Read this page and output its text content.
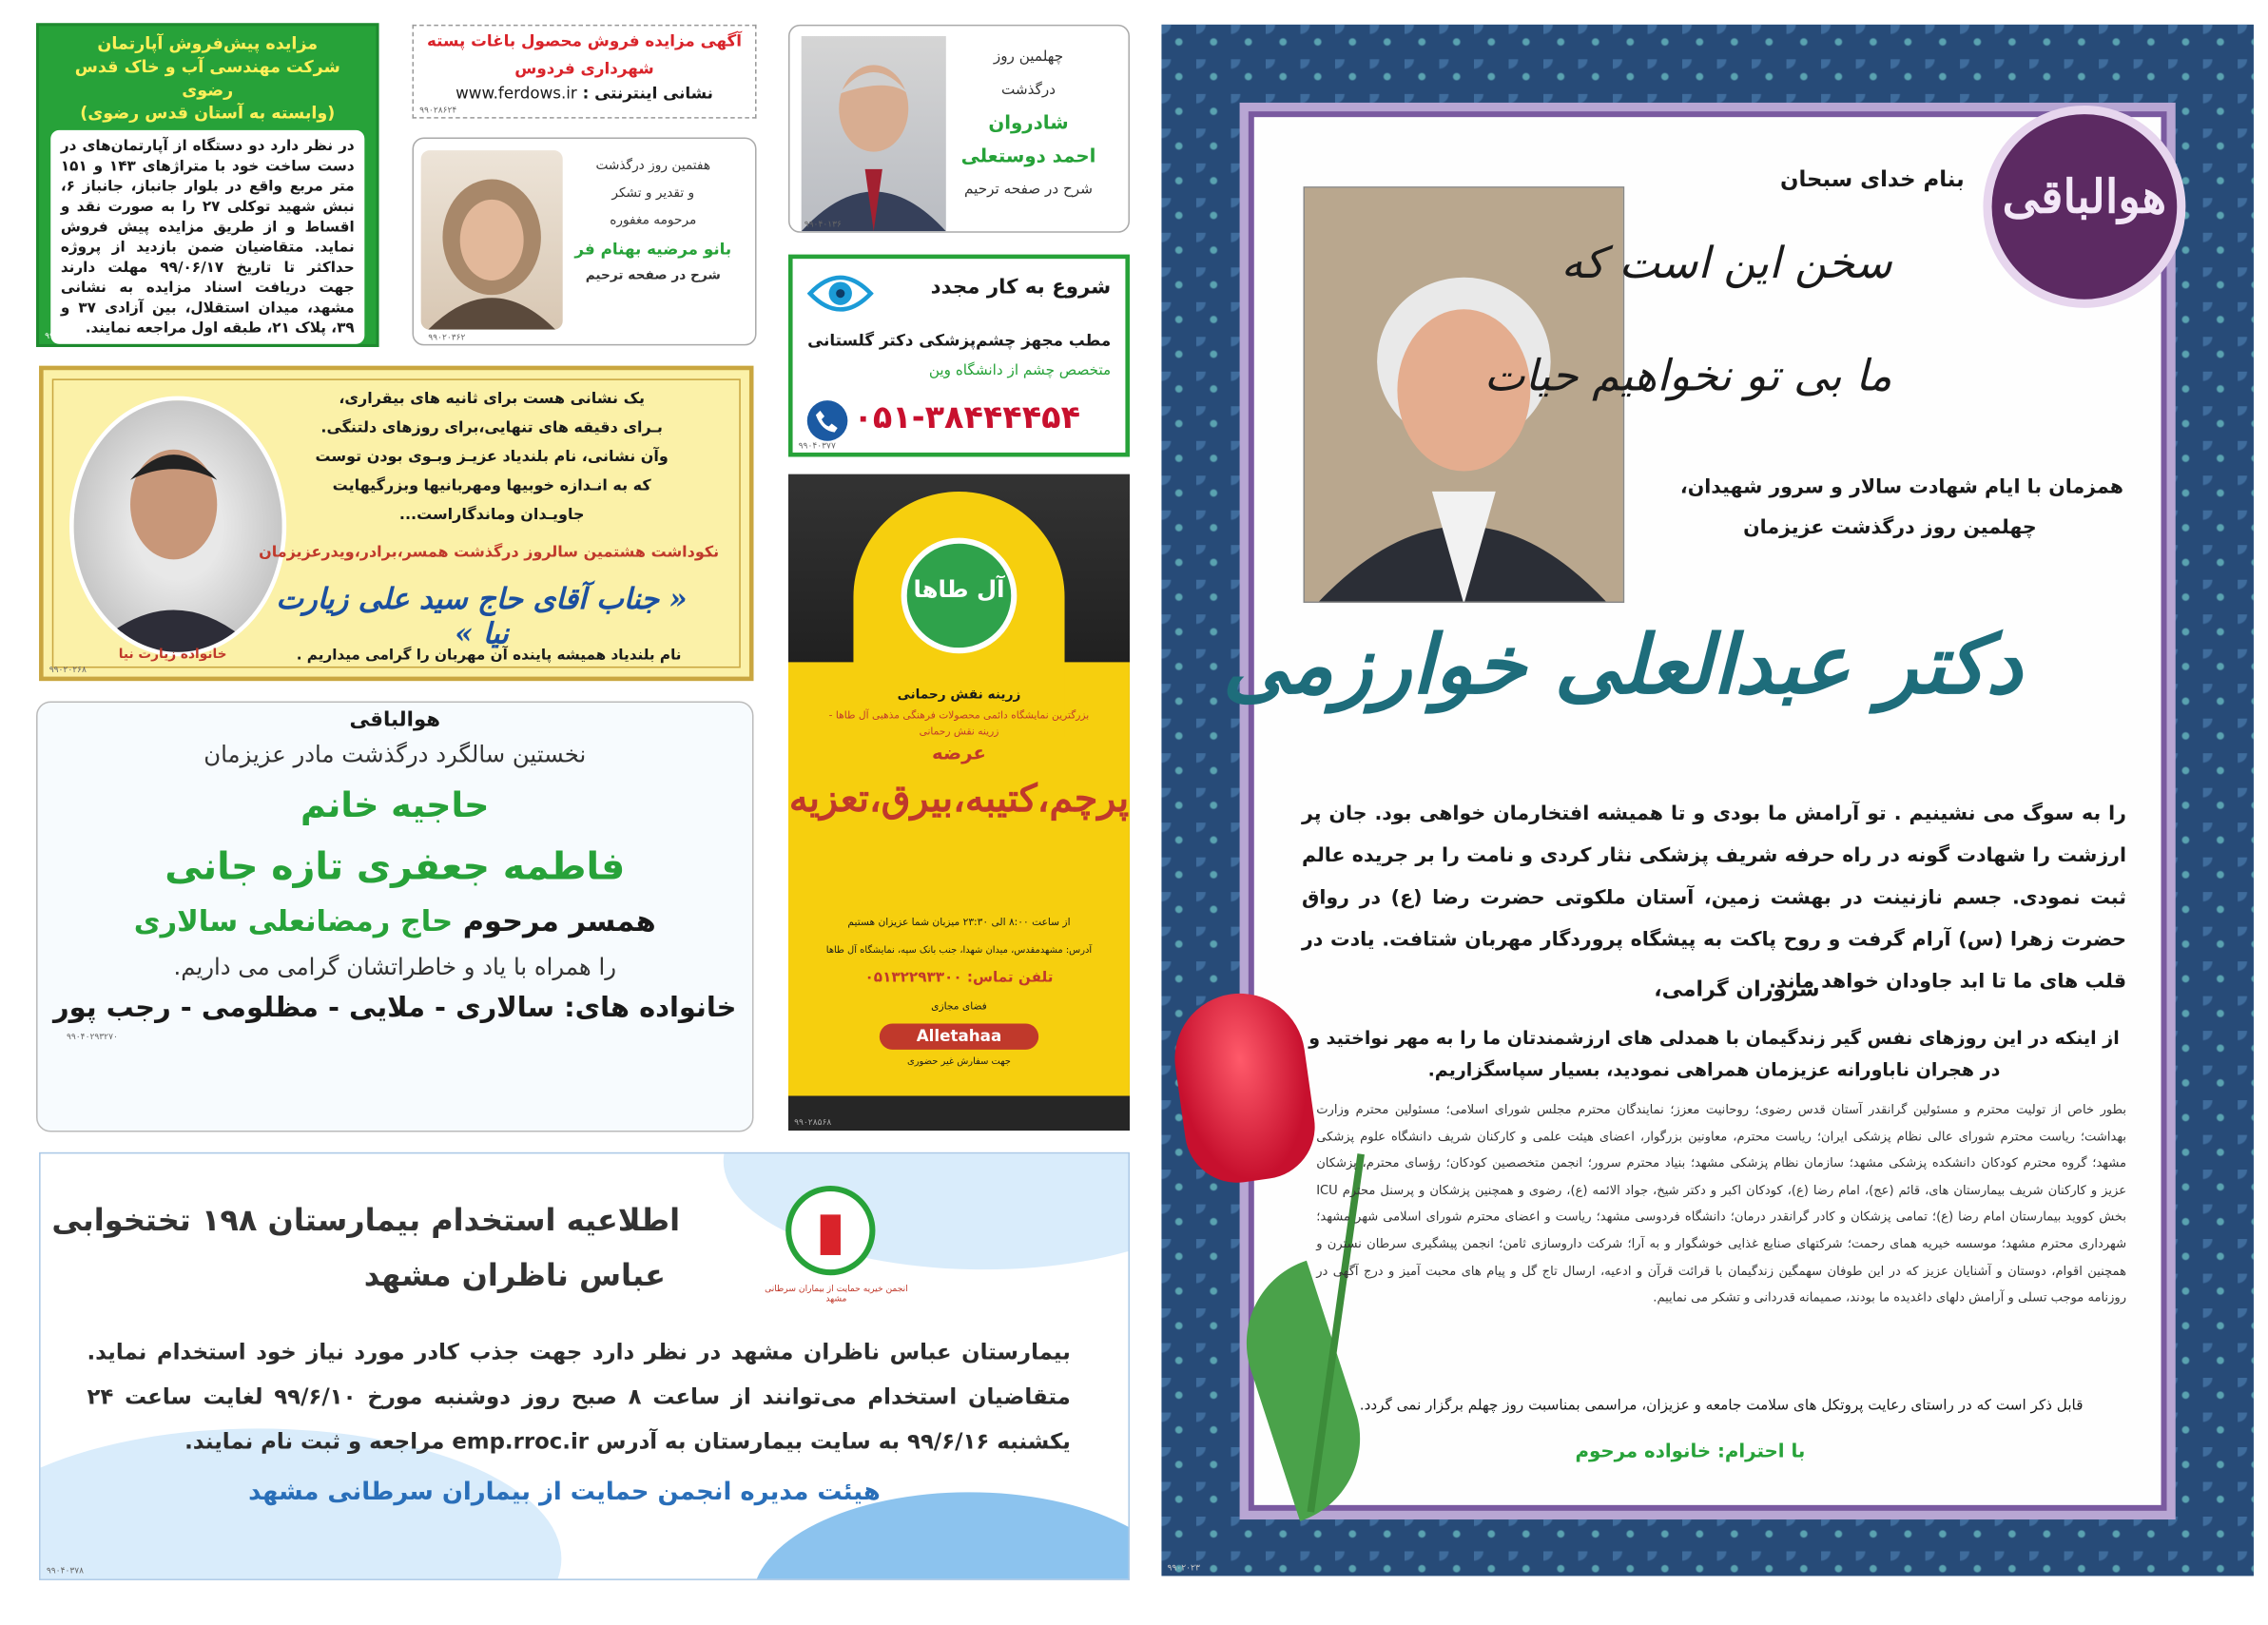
مزایده پیش‌فروش آپارتمان
شرکت مهندسی آب و خاک قدس رضوی
(وابسته به آستان قدس رضوی)
در نظر دارد دو دستگاه از آپارتمان‌های در دست ساخت خود با متراژهای ۱۴۳ و ۱۵۱ متر مربع واقع در بلوار جانباز، جانباز ۶، نبش شهید توکلی ۲۷ را به صورت نقد و اقساط و از طریق مزایده پیش فروش نماید. متقاضیان ضمن بازدید از پروژه حداکثر تا تاریخ ۹۹/۰۶/۱۷ مهلت دارند جهت دریافت اسناد مزایده به نشانی مشهد، میدان استقلال، بین آزادی ۳۷ و ۳۹، پلاک ۲۱، طبقه اول مراجعه نمایند.
۹۹۰۴۰۲۷۶/۲۰۰۰۶
آگهی مزایده فروش محصول باغات پسته
شهرداری فردوس
نشانی اینترنتی : www.ferdows.ir
۹۹۰۲۸۶۲۴
هفتمین روز درگذشت
و تقدیر و تشکر
مرحومه مغفوره
بانو مرضیه بهنام فر
شرح در صفحه ترحیم
۹۹۰۲۰۳۶۲
چهلمین روز
درگذشت
شادروان
احمد دوستعلی
شرح در صفحه ترحیم
۹۹۰۴۰۱۳۶
شروع به کار مجدد
مطب مجهز چشم‌پزشکی دکتر گلستانی
متخصص چشم از دانشگاه وین
۰۵۱-۳۸۴۴۴۴۵۴
۹۹۰۴۰۳۷۷
یک نشانی هست برای ثانیه های بیقراری،
بـرای دقیقه های تنهایی،برای روزهای دلتنگی.
وآن نشانی، نام بلندیاد عزیـز وبـوی بودن توست
که به انـدازه خوبیها ومهربانیها وبزرگیهایت
جاویـدان وماندگاراست...
نکوداشت هشتمین سالروز درگذشت همسر،برادر،ویدرعزیزمان
« جناب آقای حاج سید علی زیارت نیا »
نام بلندیاد همیشه پاینده آن مهربان را گرامی میداریم .
خانواده زیارت نیا
۹۹۰۲۰۲۶۸
هوالباقی
نخستین سالگرد درگذشت مادر عزیزمان
حاجیه خانم
فاطمه جعفری تازه جانی
همسر مرحوم حاج رمضانعلی سالاری
را همراه با یاد و خاطراتشان گرامی می داریم.
خانواده های: سالاری - ملایی - مظلومی - رجب پور
۹۹۰۴۰۲۹۳۲۷۰
آل طاها
زرینه نقش رحمانی
بزرگترین نمایشگاه دائمی محصولات فرهنگی مذهبی آل طاها - زرینه نقش رحمانی
عرضه
پرچم،کتیبه،بیرق،تعزیه
از ساعت ۸:۰۰ الی ۲۳:۳۰ میزبان شما عزیزان هستیم
آدرس: مشهدمقدس، میدان شهدا، جنب بانک سپه، نمایشگاه آل طاها
تلفن تماس: ۰۵۱۳۲۲۹۳۳۰۰
فضای مجازی
Alletahaa
جهت سفارش غیر حضوری
۹۹۰۲۸۵۶۸
انجمن خیریه حمایت از بیماران سرطانی مشهد
اطلاعیه استخدام بیمارستان ۱۹۸ تختخوابی
عباس ناظران مشهد
بیمارستان عباس ناظران مشهد در نظر دارد جهت جذب کادر مورد نیاز خود استخدام نماید. متقاضیان استخدام می‌توانند از ساعت ۸ صبح روز دوشنبه مورخ ۹۹/۶/۱۰ لغایت ساعت ۲۴ یکشنبه ۹۹/۶/۱۶ به سایت بیمارستان به آدرس emp.rroc.ir مراجعه و ثبت نام نمایند.
هیئت مدیره انجمن حمایت از بیماران سرطانی مشهد
۹۹۰۴۰۳۷۸
هوالباقی
بنام خدای سبحان
سخن این است که
ما بی تو نخواهیم حیات
همزمان با ایام شهادت سالار و سرور شهیدان،
چهلمین روز درگذشت عزیزمان
دکتر عبدالعلی خوارزمی
را به سوگ می نشینیم . تو آرامش ما بودی و تا همیشه افتخارمان خواهی بود. جان پر ارزشت را شهادت گونه در راه حرفه شریف پزشکی نثار کردی و نامت را بر جریده عالم ثبت نمودی. جسم نازنینت در بهشت زمین، آستان ملکوتی حضرت رضا (ع) در رواق حضرت زهرا (س) آرام گرفت و روح پاکت به پیشگاه پروردگار مهربان شتافت. یادت در قلب های ما تا ابد جاودان خواهد ماند.
سروران گرامی،
از اینکه در این روزهای نفس گیر زندگیمان با همدلی های ارزشمندتان ما را به مهر نواختید و در هجران ناباورانه عزیزمان همراهی نمودید، بسیار سپاسگزاریم.
بطور خاص از تولیت محترم و مسئولین گرانقدر آستان قدس رضوی؛ روحانیت معزز؛ نمایندگان محترم مجلس شورای اسلامی؛ مسئولین محترم وزارت بهداشت؛ ریاست محترم شورای عالی نظام پزشکی ایران؛ ریاست محترم، معاونین بزرگوار، اعضای هیئت علمی و کارکنان شریف دانشگاه علوم پزشکی مشهد؛ گروه محترم کودکان دانشکده پزشکی مشهد؛ سازمان نظام پزشکی مشهد؛ بنیاد محترم سرور؛ انجمن متخصصین کودکان؛ رؤسای محترم، پزشکان عزیز و کارکنان شریف بیمارستان های، قائم (عج)، امام رضا (ع)، کودکان اکبر و دکتر شیخ، جواد الائمه (ع)، رضوی و همچنین پزشکان و پرسنل محترم ICU بخش کووید بیمارستان امام رضا (ع)؛ تمامی پزشکان و کادر گرانقدر درمان؛ دانشگاه فردوسی مشهد؛ ریاست و اعضای محترم شورای اسلامی شهر مشهد؛ شهرداری محترم مشهد؛ موسسه خیریه همای رحمت؛ شرکتهای صنایع غذایی خوشگوار و به آرا؛ شرکت داروسازی ثامن؛ انجمن پیشگیری سرطان نسترن و همچنین اقوام، دوستان و آشنایان عزیز که در این طوفان سهمگین زندگیمان با قرائت قرآن و ادعیه، ارسال تاج گل و پیام های محبت آمیز و درج آگهی در روزنامه موجب تسلی و آرامش دلهای داغدیده ما بودند، صمیمانه قدردانی و تشکر می نماییم.
قابل ذکر است که در راستای رعایت پروتکل های سلامت جامعه و عزیزان، مراسمی بمناسبت روز چهلم برگزار نمی گردد.
با احترام: خانواده مرحوم
۹۹۰۲۰۲۳
